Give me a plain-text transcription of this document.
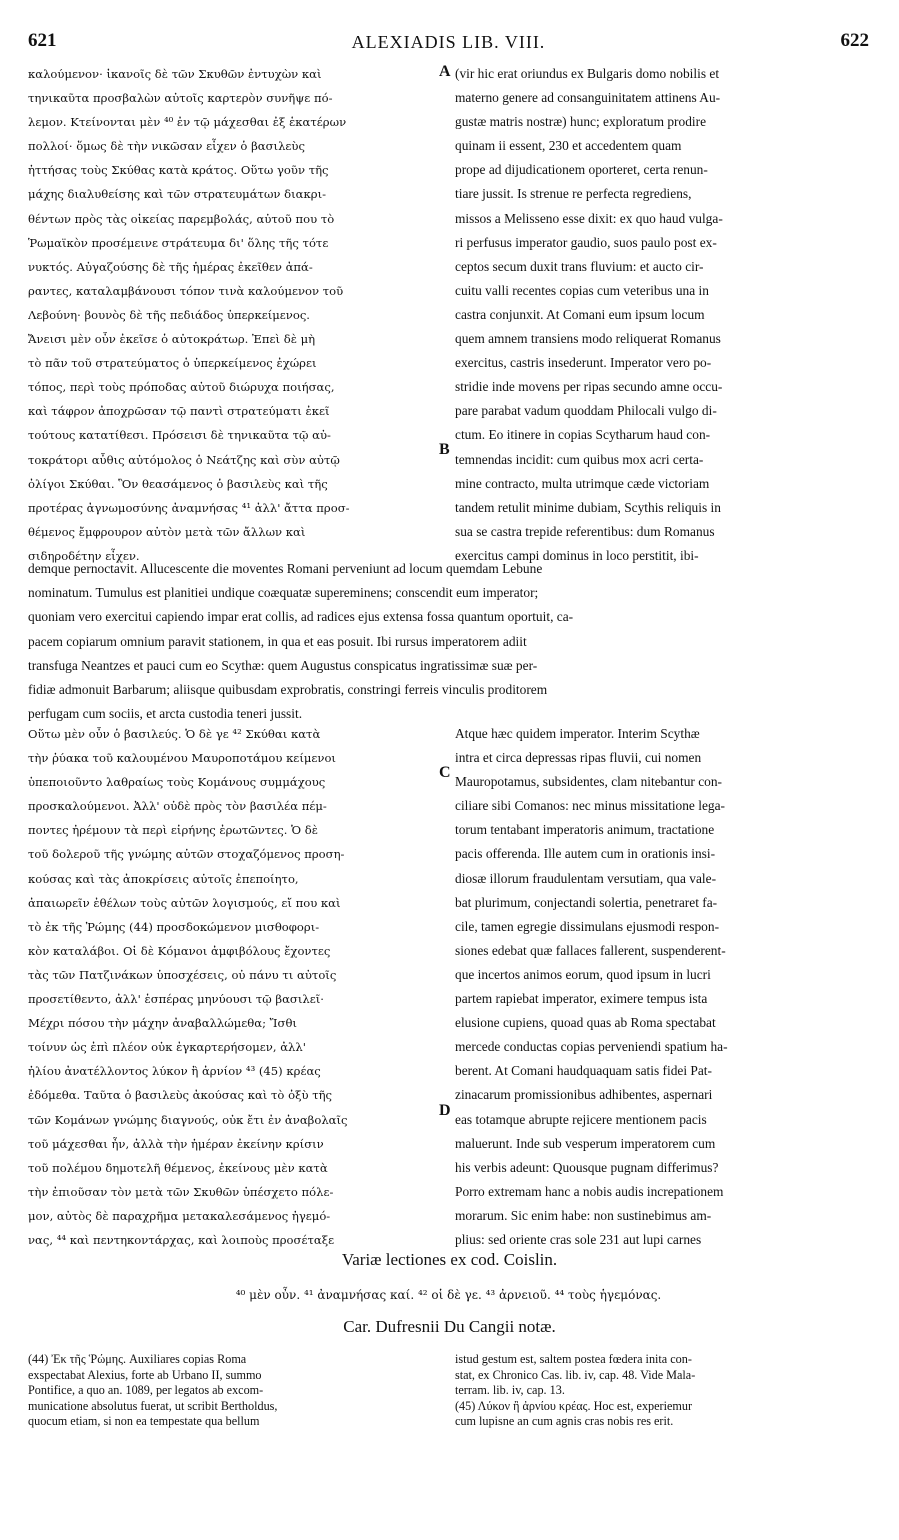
621	ALEXIADIS LIB. VIII.	622
καλούμενον· ἱκανοῖς δὲ τῶν Σκυθῶν ἐντυχὼν καὶ
τηνικαῦτα προσβαλὼν αὐτοῖς καρτερὸν συνῆψε πό-
λεμον. Κτείνονται μὲν ⁴⁰ ἐν τῷ μάχεσθαι ἐξ ἑκατέρων
πολλοί· ὅμως δὲ τὴν νικῶσαν εἶχεν ὁ βασιλεὺς
ἡττήσας τοὺς Σκύθας κατὰ κράτος. Οὕτω γοῦν τῆς
μάχης διαλυθείσης καὶ τῶν στρατευμάτων διακρι-
θέντων πρὸς τὰς οἰκείας παρεμβολάς, αὐτοῦ που τὸ
Ῥωμαϊκὸν προσέμεινε στράτευμα δι' ὅλης τῆς τότε
νυκτός. Αὐγαζούσης δὲ τῆς ἡμέρας ἐκεῖθεν ἀπά-
ραντες, καταλαμβάνουσι τόπον τινὰ καλούμενον τοῦ
Λεβούνη· βουνὸς δὲ τῆς πεδιάδος ὑπερκείμενος.
Ἄνεισι μὲν οὖν ἐκεῖσε ὁ αὐτοκράτωρ. Ἐπεὶ δὲ μὴ
τὸ πᾶν τοῦ στρατεύματος ὁ ὑπερκείμενος ἐχώρει
τόπος, περὶ τοὺς πρόποδας αὐτοῦ διώρυχα ποιήσας,
καὶ τάφρον ἀποχρῶσαν τῷ παντὶ στρατεύματι ἐκεῖ
τούτους κατατίθεσι. Πρόσεισι δὲ τηνικαῦτα τῷ αὐ-
τοκράτορι αὖθις αὐτόμολος ὁ Νεάτζης καὶ σὺν αὐτῷ
ὀλίγοι Σκύθαι. Ὃν θεασάμενος ὁ βασιλεὺς καὶ τῆς
προτέρας ἀγνωμοσύνης ἀναμνήσας ⁴¹ ἀλλ' ἄττα προσ-
θέμενος ἔμφρουρον αὐτὸν μετὰ τῶν ἄλλων καὶ
σιδηροδέτην εἶχεν.
(vir hic erat oriundus ex Bulgaris domo nobilis et
materno genere ad consanguinitatem attinens Au-
gustæ matris nostræ) hunc; exploratum prodire
quinam ii essent, 230 et accedentem quam
prope ad dijudicationem oporteret, certa renun-
tiare jussit. Is strenue re perfecta regrediens,
missos a Melisseno esse dixit: ex quo haud vulga-
ri perfusus imperator gaudio, suos paulo post ex-
ceptos secum duxit trans fluvium: et aucto cir-
cuitu valli recentes copias cum veteribus una in
castra conjunxit. At Comani eum ipsum locum
quem amnem transiens modo reliquerat Romanus
exercitus, castris insederunt. Imperator vero po-
stridie inde movens per ripas secundo amne occu-
pare parabat vadum quoddam Philocali vulgo di-
ctum. Eo itinere in copias Scytharum haud con-
temnendas incidit: cum quibus mox acri certa-
mine contracto, multa utrimque cæde victoriam
tandem retulit minime dubiam, Scythis reliquis in
sua se castra trepide referentibus: dum Romanus
exercitus campi dominus in loco perstitit, ibi-
A
B
C
D
demque pernoctavit. Allucescente die moventes Romani perveniunt ad locum quemdam Lebune
nominatum. Tumulus est planitiei undique coæquatæ supereminens; conscendit eum imperator;
quoniam vero exercitui capiendo impar erat collis, ad radices ejus extensa fossa quantum oportuit, ca-
pacem copiarum omnium paravit stationem, in qua et eas posuit. Ibi rursus imperatorem adiit
transfuga Neantzes et pauci cum eo Scythæ: quem Augustus conspicatus ingratissimæ suæ per-
fidiæ admonuit Barbarum; aliisque quibusdam exprobratis, constringi ferreis vinculis proditorem
perfugam cum sociis, et arcta custodia teneri jussit.
Οὕτω μὲν οὖν ὁ βασιλεύς. Ὁ δὲ γε ⁴² Σκύθαι κατὰ
τὴν ῥύακα τοῦ καλουμένου Μαυροποτάμου κείμενοι
ὑπεποιοῦντο λαθραίως τοὺς Κομάνους συμμάχους
προσκαλούμενοι. Ἀλλ' οὐδὲ πρὸς τὸν βασιλέα πέμ-
ποντες ἠρέμουν τὰ περὶ εἰρήνης ἐρωτῶντες. Ὁ δὲ
τοῦ δολεροῦ τῆς γνώμης αὐτῶν στοχαζόμενος προση-
κούσας καὶ τὰς ἀποκρίσεις αὐτοῖς ἐπεποίητο,
ἀπαιωρεῖν ἐθέλων τοὺς αὐτῶν λογισμούς, εἴ που καὶ
τὸ ἐκ τῆς Ῥώμης (44) προσδοκώμενον μισθοφορι-
κὸν καταλάβοι. Οἱ δὲ Κόμανοι ἀμφιβόλους ἔχοντες
τὰς τῶν Πατζινάκων ὑποσχέσεις, οὐ πάνυ τι αὐτοῖς
προσετίθεντο, ἀλλ' ἑσπέρας μηνύουσι τῷ βασιλεῖ·
Μέχρι πόσου τὴν μάχην ἀναβαλλώμεθα; Ἴσθι
τοίνυν ὡς ἐπὶ πλέον οὐκ ἐγκαρτερήσομεν, ἀλλ'
ἡλίου ἀνατέλλοντος λύκον ἢ ἀρνίον ⁴³ (45) κρέας
ἐδόμεθα. Ταῦτα ὁ βασιλεὺς ἀκούσας καὶ τὸ ὀξὺ τῆς
τῶν Κομάνων γνώμης διαγνούς, οὐκ ἔτι ἐν ἀναβολαῖς
τοῦ μάχεσθαι ἦν, ἀλλὰ τὴν ἡμέραν ἐκείνην κρίσιν
τοῦ πολέμου δημοτελῆ θέμενος, ἐκείνους μὲν κατὰ
τὴν ἐπιοῦσαν τὸν μετὰ τῶν Σκυθῶν ὑπέσχετο πόλε-
μον, αὐτὸς δὲ παραχρῆμα μετακαλεσάμενος ἡγεμό-
νας, ⁴⁴ καὶ πεντηκοντάρχας, καὶ λοιποὺς προσέταξε
Atque hæc quidem imperator. Interim Scythæ
intra et circa depressas ripas fluvii, cui nomen
Mauropotamus, subsidentes, clam nitebantur con-
ciliare sibi Comanos: nec minus missitatione lega-
torum tentabant imperatoris animum, tractatione
pacis offerenda. Ille autem cum in orationis insi-
diosæ illorum fraudulentam versutiam, qua vale-
bat plurimum, conjectandi solertia, penetraret fa-
cile, tamen egregie dissimulans ejusmodi respon-
siones edebat quæ fallaces fallerent, suspenderent-
que incertos animos eorum, quod ipsum in lucri
partem rapiebat imperator, eximere tempus ista
elusione cupiens, quoad quas ab Roma spectabat
mercede conductas copias perveniendi spatium ha-
berent. At Comani haudquaquam satis fidei Pat-
zinacarum promissionibus adhibentes, aspernari
eas totamque abrupte rejicere mentionem pacis
maluerunt. Inde sub vesperum imperatorem cum
his verbis adeunt: Quousque pugnam differimus?
Porro extremam hanc a nobis audis increpationem
morarum. Sic enim habe: non sustinebimus am-
plius: sed oriente cras sole 231 aut lupi carnes
Variæ lectiones ex cod. Coislin.
⁴⁰ μὲν οὖν. ⁴¹ ἀναμνήσας καί. ⁴² οἱ δὲ γε. ⁴³ ἀρνειοῦ. ⁴⁴ τοὺς ἡγεμόνας.
Car. Dufresnii Du Cangii notæ.
(44) Ἐκ τῆς Ῥώμης. Auxiliares copias Roma
exspectabat Alexius, forte ab Urbano II, summo
Pontifice, a quo an. 1089, per legatos ab excom-
municatione absolutus fuerat, ut scribit Bertholdus,
quocum etiam, si non ea tempestate qua bellum
istud gestum est, saltem postea fœdera inita con-
stat, ex Chronico Cas. lib. iv, cap. 48. Vide Mala-
terram. lib. iv, cap. 13.
(45) Λύκον ἢ ἀρνίου κρέας. Hoc est, experiemur
cum lupisne an cum agnis cras nobis res erit.
